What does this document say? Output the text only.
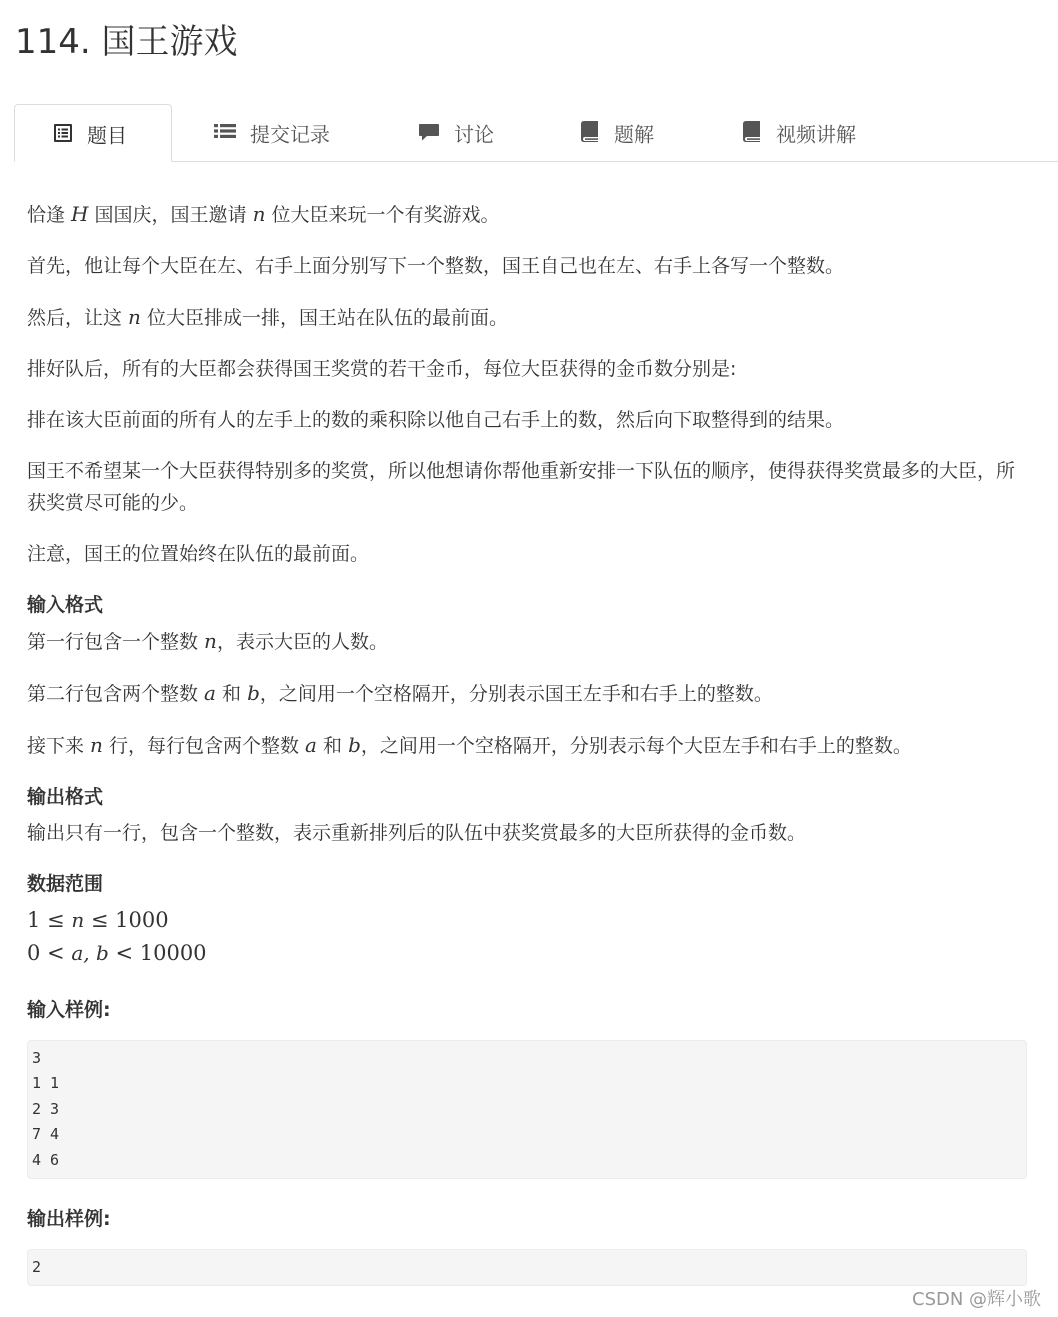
114. 国王游戏
题目	提交记录	讨论	题解	视频讲解

恰逢 H 国国庆，国王邀请 n 位大臣来玩一个有奖游戏。

首先，他让每个大臣在左、右手上面分别写下一个整数，国王自己也在左、右手上各写一个整数。

然后，让这 n 位大臣排成一排，国王站在队伍的最前面。

排好队后，所有的大臣都会获得国王奖赏的若干金币，每位大臣获得的金币数分别是:

排在该大臣前面的所有人的左手上的数的乘积除以他自己右手上的数，然后向下取整得到的结果。

国王不希望某一个大臣获得特别多的奖赏，所以他想请你帮他重新安排一下队伍的顺序，使得获得奖赏最多的大臣，所获奖赏尽可能的少。

注意，国王的位置始终在队伍的最前面。

输入格式

第一行包含一个整数 n，表示大臣的人数。

第二行包含两个整数 a 和 b，之间用一个空格隔开，分别表示国王左手和右手上的整数。

接下来 n 行，每行包含两个整数 a 和 b，之间用一个空格隔开，分别表示每个大臣左手和右手上的整数。

输出格式

输出只有一行，包含一个整数，表示重新排列后的队伍中获奖赏最多的大臣所获得的金币数。

数据范围

1 ≤ n ≤ 1000

0 < a, b < 10000

输入样例:
3
1 1
2 3
7 4
4 6
输出样例:
2
CSDN @辉小歌
